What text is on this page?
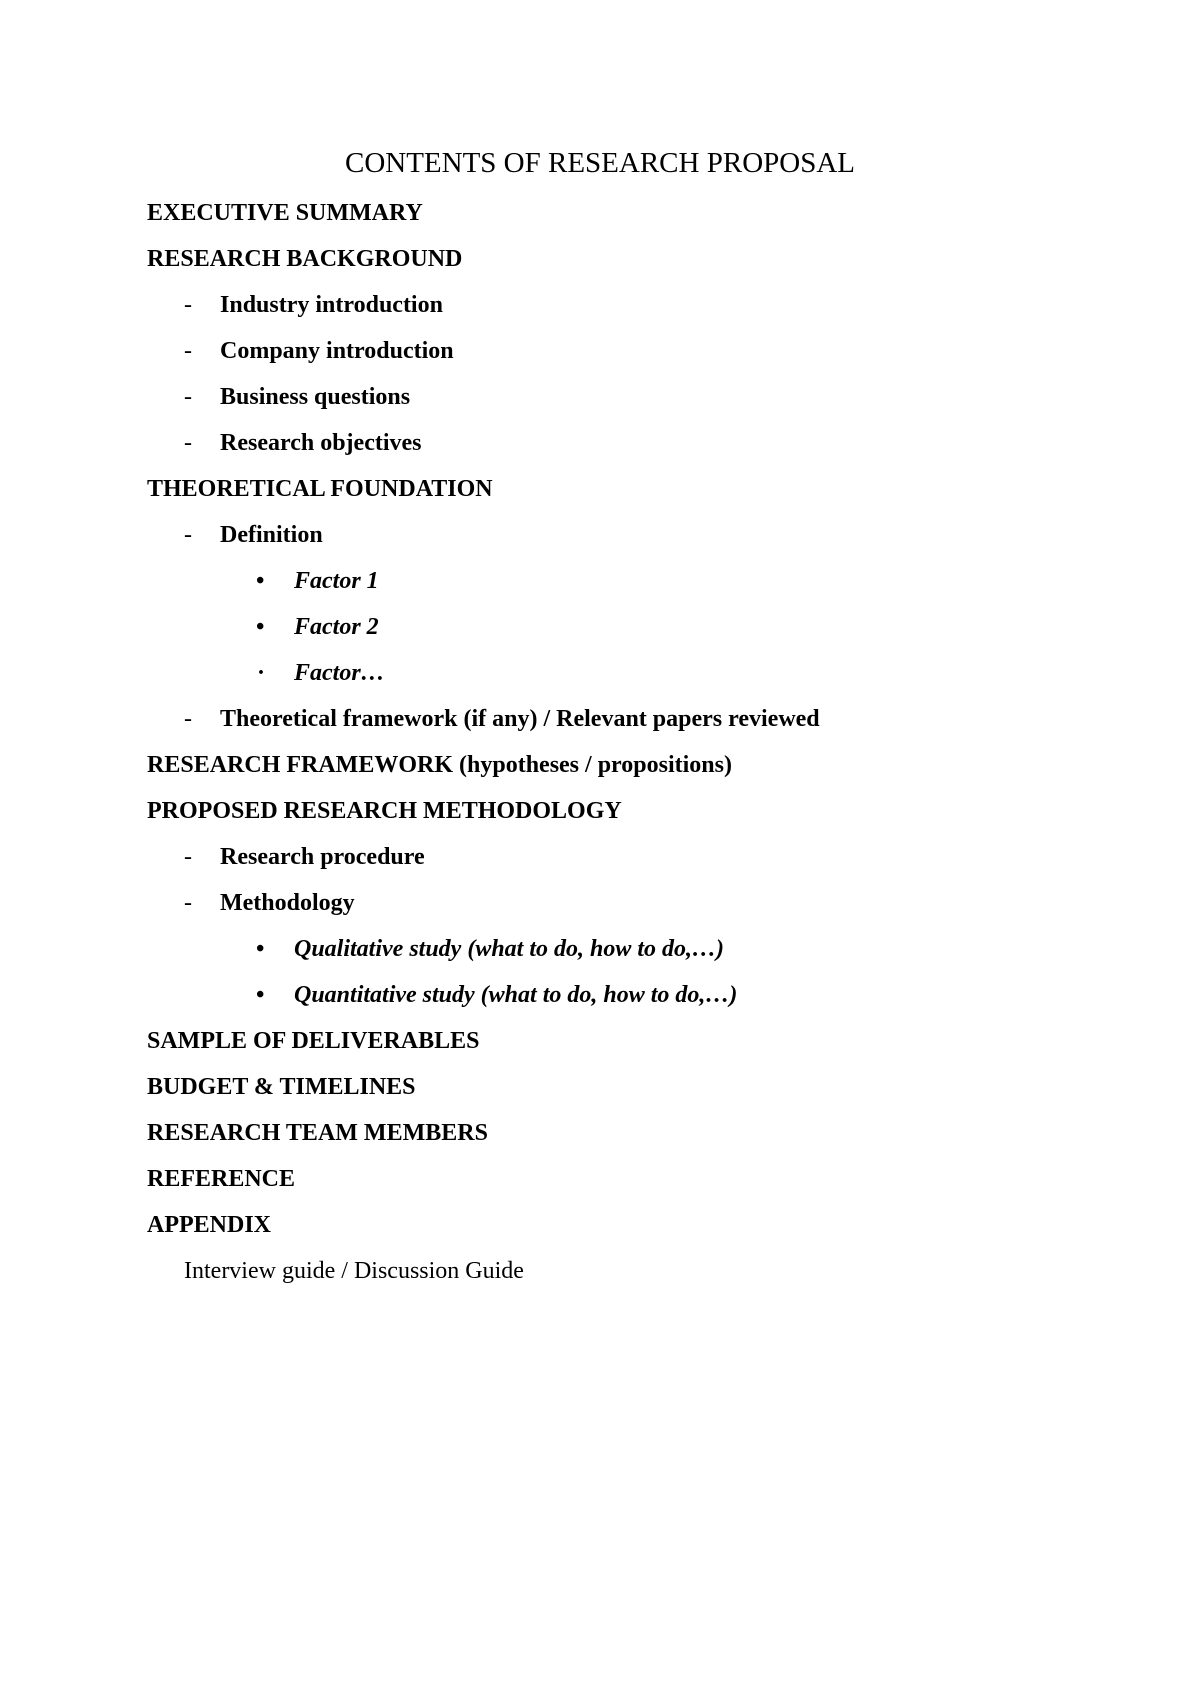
CONTENTS OF RESEARCH PROPOSAL
EXECUTIVE SUMMARY
RESEARCH BACKGROUND
- Industry introduction
- Company introduction
- Business questions
- Research objectives
THEORETICAL FOUNDATION
- Definition
• Factor 1
• Factor 2
· Factor…
- Theoretical framework (if any) / Relevant papers reviewed
RESEARCH FRAMEWORK (hypotheses / propositions)
PROPOSED RESEARCH METHODOLOGY
- Research procedure
- Methodology
• Qualitative study (what to do, how to do,…)
• Quantitative study (what to do, how to do,…)
SAMPLE OF DELIVERABLES
BUDGET & TIMELINES
RESEARCH TEAM MEMBERS
REFERENCE
APPENDIX
Interview guide / Discussion Guide
